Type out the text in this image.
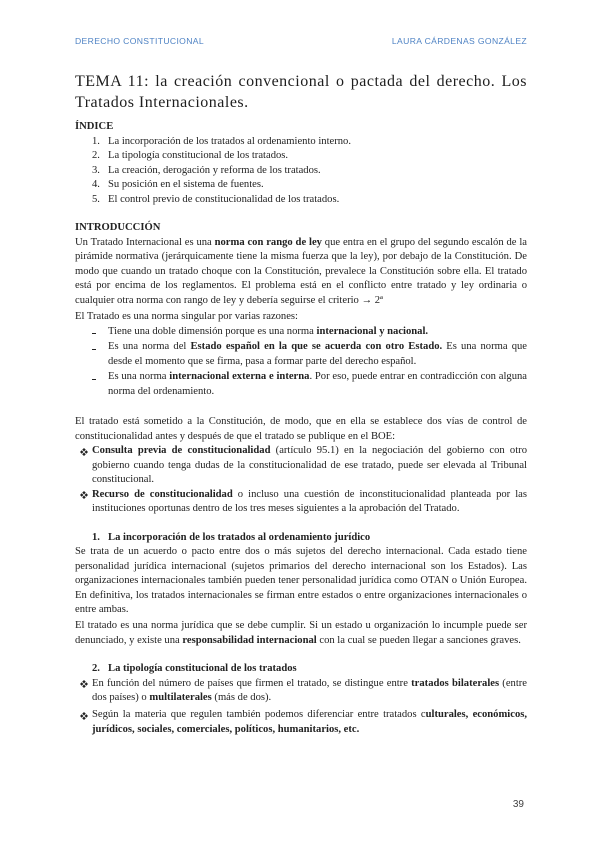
DERECHO CONSTITUCIONAL	LAURA CÁRDENAS GONZÁLEZ
TEMA 11: la creación convencional o pactada del derecho. Los Tratados Internacionales.
ÍNDICE
1. La incorporación de los tratados al ordenamiento interno.
2. La tipología constitucional de los tratados.
3. La creación, derogación y reforma de los tratados.
4. Su posición en el sistema de fuentes.
5. El control previo de constitucionalidad de los tratados.
INTRODUCCIÓN

Un Tratado Internacional es una norma con rango de ley que entra en el grupo del segundo escalón de la pirámide normativa (jerárquicamente tiene la misma fuerza que la ley), por debajo de la Constitución. De modo que cuando un tratado choque con la Constitución, prevalece la Constitución sobre ella. El tratado está por encima de los reglamentos. El problema está en el conflicto entre tratado y ley ordinaria o cualquier otra norma con rango de ley y debería seguirse el criterio → 2ª

El Tratado es una norma singular por varias razones:

Tiene una doble dimensión porque es una norma internacional y nacional.
Es una norma del Estado español en la que se acuerda con otro Estado. Es una norma que desde el momento que se firma, pasa a formar parte del derecho español.
Es una norma internacional externa e interna. Por eso, puede entrar en contradicción con alguna norma del ordenamiento.

El tratado está sometido a la Constitución, de modo, que en ella se establece dos vías de control de constitucionalidad antes y después de que el tratado se publique en el BOE:

Consulta previa de constitucionalidad (artículo 95.1) en la negociación del gobierno con otro gobierno cuando tenga dudas de la constitucionalidad de ese tratado, puede ser elevada al Tribunal constitucional.
Recurso de constitucionalidad o incluso una cuestión de inconstitucionalidad planteada por las instituciones oportunas dentro de los tres meses siguientes a la aprobación del Tratado.
1. La incorporación de los tratados al ordenamiento jurídico

Se trata de un acuerdo o pacto entre dos o más sujetos del derecho internacional. Cada estado tiene personalidad jurídica internacional (sujetos primarios del derecho internacional son los Estados). Las organizaciones internacionales también pueden tener personalidad jurídica como OTAN o Unión Europea. En definitiva, los tratados internacionales se firman entre estados o entre organizaciones internacionales o entre ambas.

El tratado es una norma jurídica que se debe cumplir. Si un estado u organización lo incumple puede ser denunciado, y existe una responsabilidad internacional con la cual se pueden llegar a sanciones graves.

2. La tipología constitucional de los tratados
En función del número de países que firmen el tratado, se distingue entre tratados bilaterales (entre dos países) o multilaterales (más de dos).
Según la materia que regulen también podemos diferenciar entre tratados culturales, económicos, jurídicos, sociales, comerciales, políticos, humanitarios, etc.
39
